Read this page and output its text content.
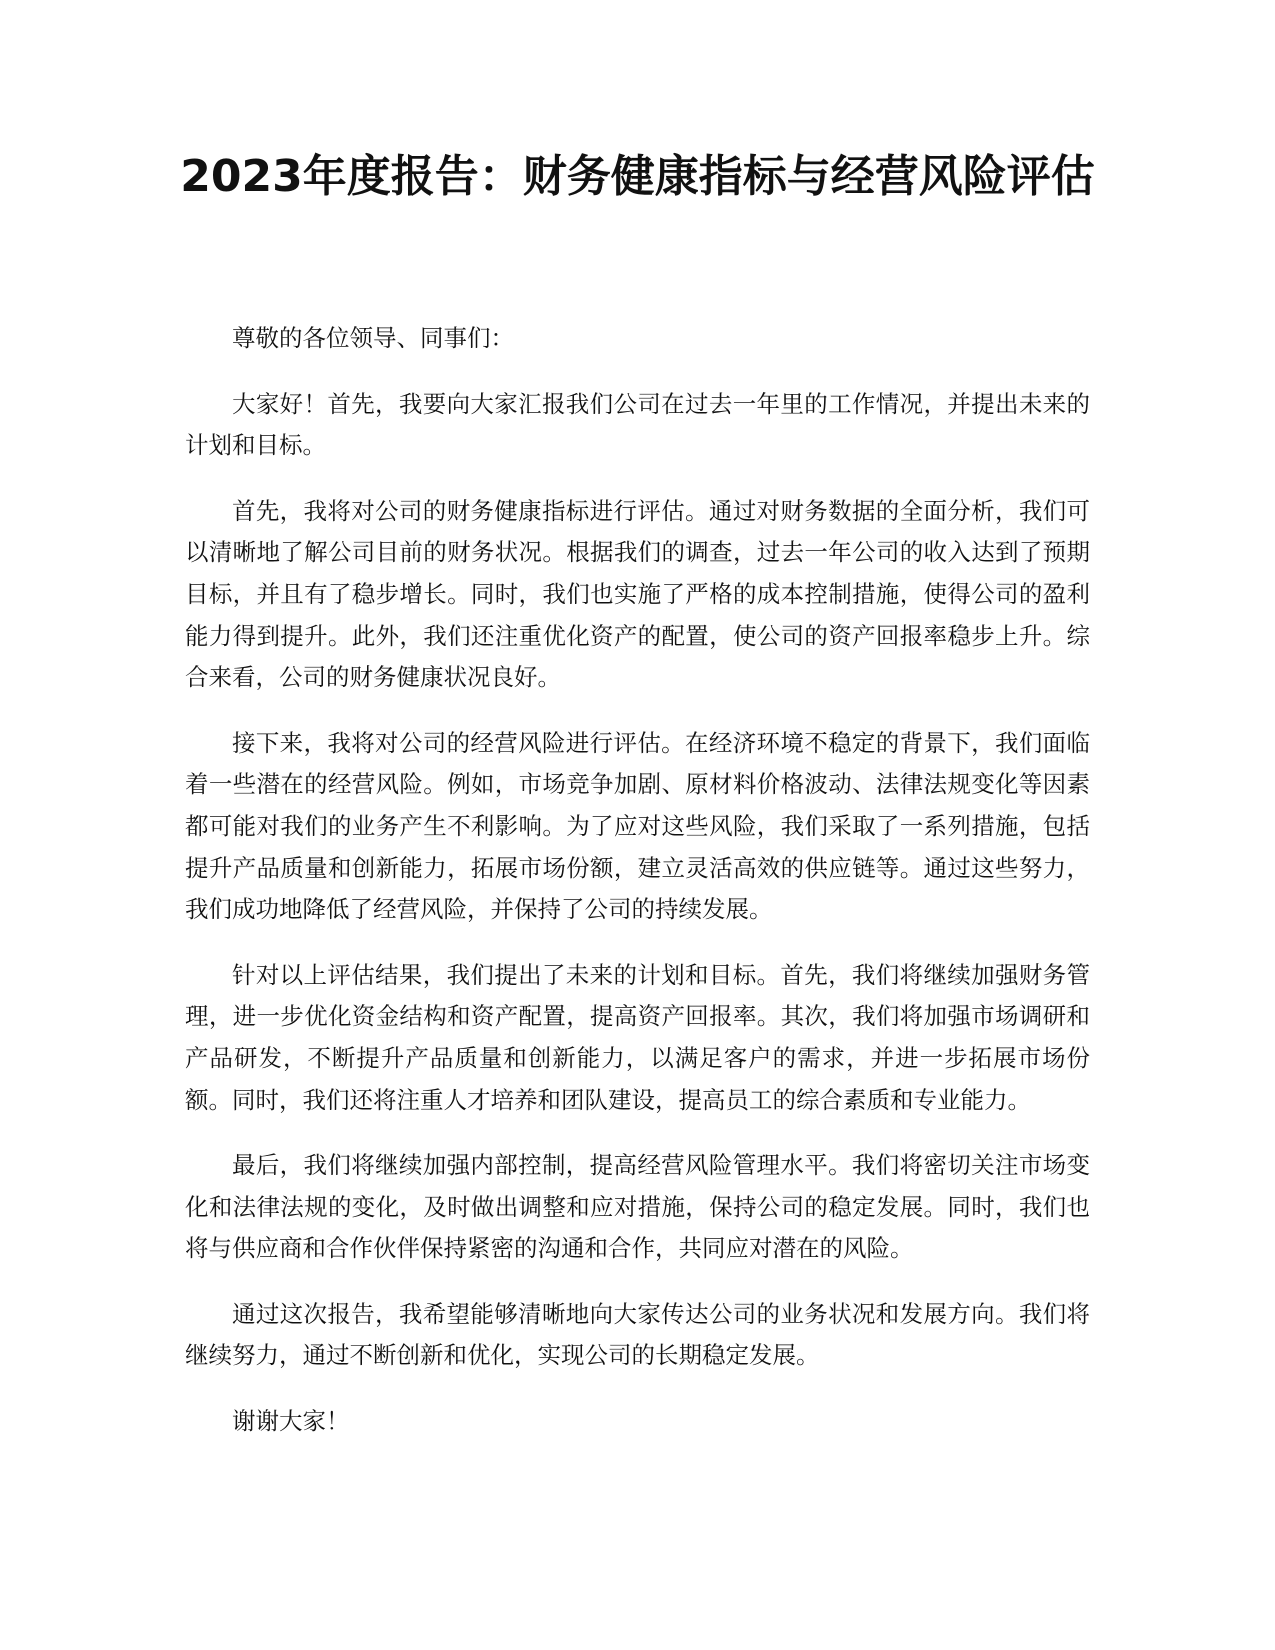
2023年度报告：财务健康指标与经营风险评估

尊敬的各位领导、同事们：

大家好！首先，我要向大家汇报我们公司在过去一年里的工作情况，并提出未来的计划和目标。

首先，我将对公司的财务健康指标进行评估。通过对财务数据的全面分析，我们可以清晰地了解公司目前的财务状况。根据我们的调查，过去一年公司的收入达到了预期目标，并且有了稳步增长。同时，我们也实施了严格的成本控制措施，使得公司的盈利能力得到提升。此外，我们还注重优化资产的配置，使公司的资产回报率稳步上升。综合来看，公司的财务健康状况良好。

接下来，我将对公司的经营风险进行评估。在经济环境不稳定的背景下，我们面临着一些潜在的经营风险。例如，市场竞争加剧、原材料价格波动、法律法规变化等因素都可能对我们的业务产生不利影响。为了应对这些风险，我们采取了一系列措施，包括提升产品质量和创新能力，拓展市场份额，建立灵活高效的供应链等。通过这些努力，我们成功地降低了经营风险，并保持了公司的持续发展。

针对以上评估结果，我们提出了未来的计划和目标。首先，我们将继续加强财务管理，进一步优化资金结构和资产配置，提高资产回报率。其次，我们将加强市场调研和产品研发，不断提升产品质量和创新能力，以满足客户的需求，并进一步拓展市场份额。同时，我们还将注重人才培养和团队建设，提高员工的综合素质和专业能力。

最后，我们将继续加强内部控制，提高经营风险管理水平。我们将密切关注市场变化和法律法规的变化，及时做出调整和应对措施，保持公司的稳定发展。同时，我们也将与供应商和合作伙伴保持紧密的沟通和合作，共同应对潜在的风险。

通过这次报告，我希望能够清晰地向大家传达公司的业务状况和发展方向。我们将继续努力，通过不断创新和优化，实现公司的长期稳定发展。

谢谢大家！
